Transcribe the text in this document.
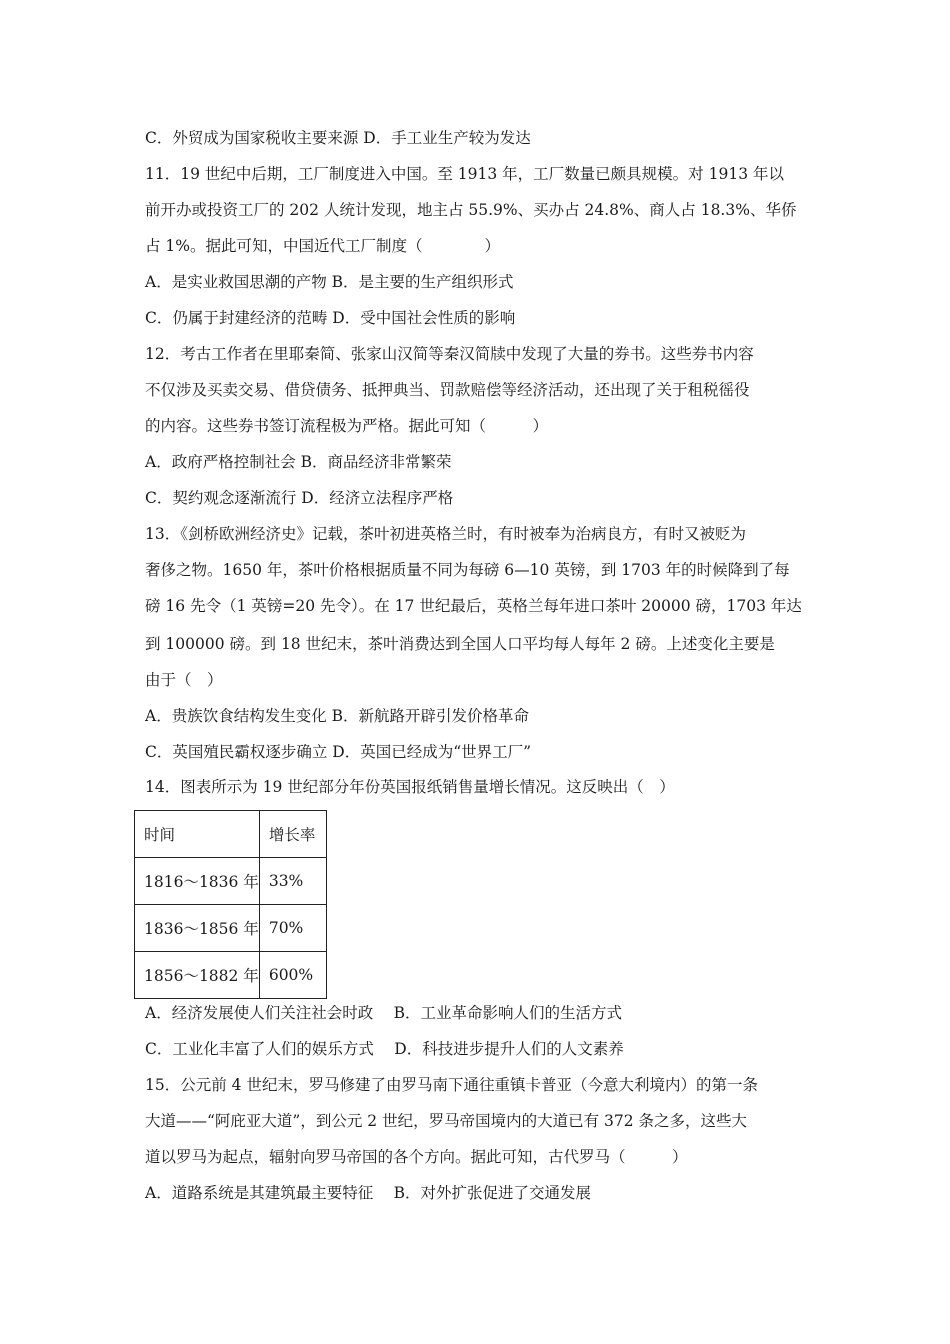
C．外贸成为国家税收主要来源 D．手工业生产较为发达
11．19 世纪中后期，工厂制度进入中国。至 1913 年，工厂数量已颇具规模。对 1913 年以
前开办或投资工厂的 202 人统计发现，地主占 55.9%、买办占 24.8%、商人占 18.3%、华侨
占 1%。据此可知，中国近代工厂制度（　　　　）
A．是实业救国思潮的产物 B．是主要的生产组织形式
C．仍属于封建经济的范畴 D．受中国社会性质的影响
12．考古工作者在里耶秦简、张家山汉简等秦汉简牍中发现了大量的券书。这些券书内容
不仅涉及买卖交易、借贷债务、抵押典当、罚款赔偿等经济活动，还出现了关于租税徭役
的内容。这些券书签订流程极为严格。据此可知（　　　）
A．政府严格控制社会 B．商品经济非常繁荣
C．契约观念逐渐流行 D．经济立法程序严格
13．《剑桥欧洲经济史》记载，茶叶初进英格兰时，有时被奉为治病良方，有时又被贬为
奢侈之物。1650 年，茶叶价格根据质量不同为每磅 6—10 英镑，到 1703 年的时候降到了每
磅 16 先令（1 英镑=20 先令）。在 17 世纪最后，英格兰每年进口茶叶 20000 磅，1703 年达
到 100000 磅。到 18 世纪末，茶叶消费达到全国人口平均每人每年 2 磅。上述变化主要是
由于（　）
A．贵族饮食结构发生变化 B．新航路开辟引发价格革命
C．英国殖民霸权逐步确立 D．英国已经成为“世界工厂”
14．图表所示为 19 世纪部分年份英国报纸销售量增长情况。这反映出（　）
时间	增长率
1816～1836 年	33%
1836～1856 年	70%
1856～1882 年	600%
A．经济发展使人们关注社会时政　 B．工业革命影响人们的生活方式
C．工业化丰富了人们的娱乐方式　 D．科技进步提升人们的人文素养
15．公元前 4 世纪末，罗马修建了由罗马南下通往重镇卡普亚（今意大利境内）的第一条
大道——“阿庇亚大道”，到公元 2 世纪，罗马帝国境内的大道已有 372 条之多，这些大
道以罗马为起点，辐射向罗马帝国的各个方向。据此可知，古代罗马（　　　）
A．道路系统是其建筑最主要特征　 B．对外扩张促进了交通发展
